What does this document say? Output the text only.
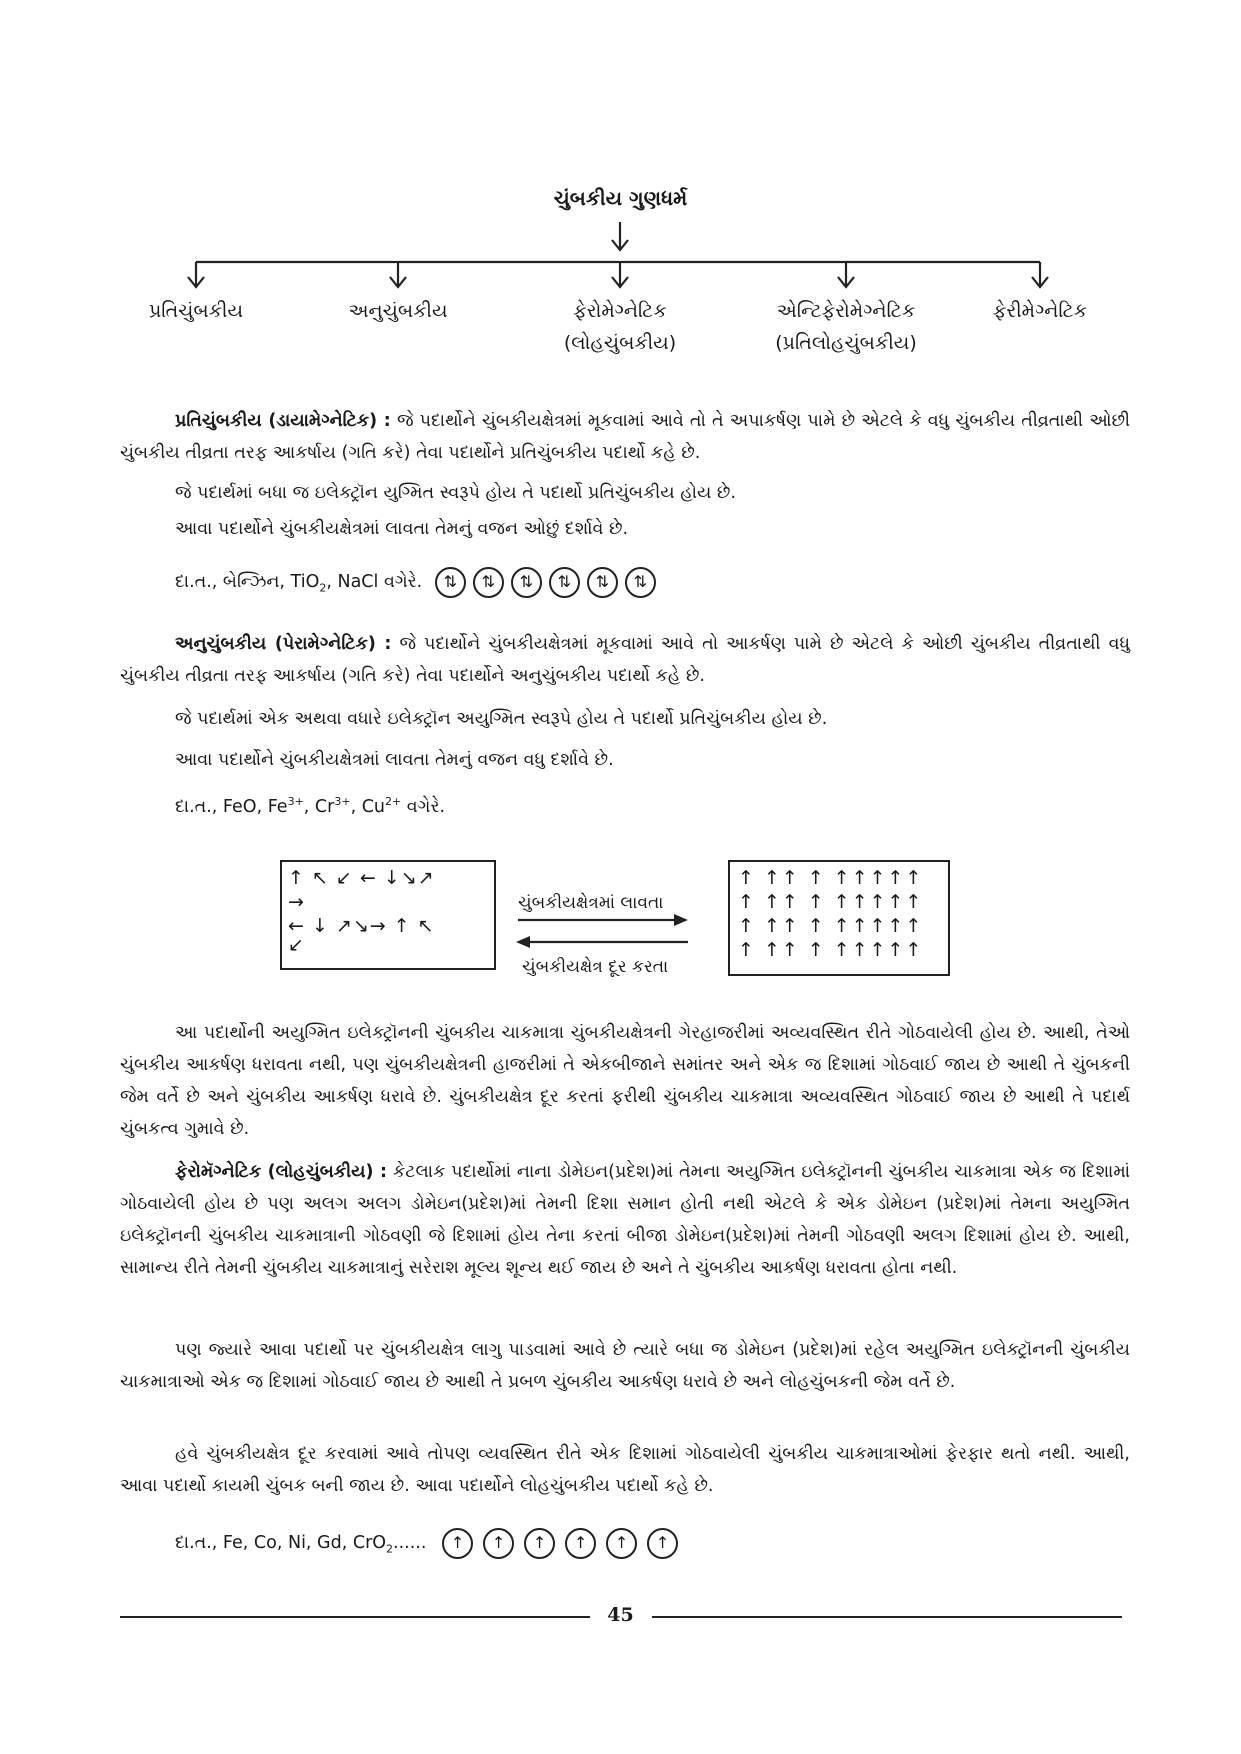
ચુંબકીય ગુણધર્મ
પ્રતિચુંબકીય	અનુચુંબકીય	ફેરોમેગ્નેટિક
(લોહચુંબકીય)
એન્ટિફેરોમેગ્નેટિક
(પ્રતિલોહચુંબકીય)
ફેરીમેગ્નેટિક
પ્રતિચુંબકીય (ડાયામેગ્નેટિક) : જે પદાર્થોને ચુંબકીયક્ષેત્રમાં મૂકવામાં આવે તો તે અપાકર્ષણ પામે છે એટલે કે વધુ ચુંબકીય તીવ્રતાથી ઓછી ચુંબકીય તીવ્રતા તરફ આકર્ષાય (ગતિ કરે) તેવા પદાર્થોને પ્રતિચુંબકીય પદાર્થો કહે છે.
જે પદાર્થમાં બધા જ ઇલેક્ટ્રૉન યુગ્મિત સ્વરૂપે હોય તે પદાર્થો પ્રતિચુંબકીય હોય છે.
આવા પદાર્થોને ચુંબકીયક્ષેત્રમાં લાવતા તેમનું વજન ઓછું દર્શાવે છે.
દા.ત., બેન્ઝિન, TiO$_2$, NaCl વગેરે. ⇅ ⇅ ⇅ ⇅ ⇅ ⇅
અનુચુંબકીય (પેરામેગ્નેટિક) : જે પદાર્થોને ચુંબકીયક્ષેત્રમાં મૂકવામાં આવે તો આકર્ષણ પામે છે એટલે કે ઓછી ચુંબકીય તીવ્રતાથી વધુ ચુંબકીય તીવ્રતા તરફ આકર્ષાય (ગતિ કરે) તેવા પદાર્થોને અનુચુંબકીય પદાર્થો કહે છે.
જે પદાર્થમાં એક અથવા વધારે ઇલેક્ટ્રૉન અયુગ્મિત સ્વરૂપે હોય તે પદાર્થો પ્રતિચુંબકીય હોય છે.
આવા પદાર્થોને ચુંબકીયક્ષેત્રમાં લાવતા તેમનું વજન વધુ દર્શાવે છે.
દા.ત., FeO, $Fe^{3+}$, $Cr^{3+}$, $Cu^{2+}$ વગેરે.
↑ ↖ ↙ ← ↓↘↗
→
← ↓ ↗↘→ ↑ ↖
↙
ચુંબકીયક્ષેત્રમાં લાવતા
ચુંબકીયક્ષેત્ર દૂર કરતા
↑ ↑↑ ↑ ↑↑↑↑↑
↑ ↑↑ ↑ ↑↑↑↑↑
↑ ↑↑ ↑ ↑↑↑↑↑
↑ ↑↑ ↑ ↑↑↑↑↑
આ પદાર્થોની અયુગ્મિત ઇલેક્ટ્રૉનની ચુંબકીય ચાકમાત્રા ચુંબકીયક્ષેત્રની ગેરહાજરીમાં અવ્યવસ્થિત રીતે ગોઠવાયેલી હોય છે. આથી, તેઓ ચુંબકીય આકર્ષણ ધરાવતા નથી, પણ ચુંબકીયક્ષેત્રની હાજરીમાં તે એકબીજાને સમાંતર અને એક જ દિશામાં ગોઠવાઈ જાય છે આથી તે ચુંબકની જેમ વર્તે છે અને ચુંબકીય આકર્ષણ ધરાવે છે. ચુંબકીયક્ષેત્ર દૂર કરતાં ફરીથી ચુંબકીય ચાકમાત્રા અવ્યવસ્થિત ગોઠવાઈ જાય છે આથી તે પદાર્થ ચુંબકત્વ ગુમાવે છે.
ફેરોમૅગ્નેટિક (લોહચુંબકીય) : કેટલાક પદાર્થોમાં નાના ડોમેઇન(પ્રદેશ)માં તેમના અયુગ્મિત ઇલેક્ટ્રૉનની ચુંબકીય ચાકમાત્રા એક જ દિશામાં ગોઠવાયેલી હોય છે પણ અલગ અલગ ડોમેઇન(પ્રદેશ)માં તેમની દિશા સમાન હોતી નથી એટલે કે એક ડોમેઇન (પ્રદેશ)માં તેમના અયુગ્મિત ઇલેક્ટ્રૉનની ચુંબકીય ચાકમાત્રાની ગોઠવણી જે દિશામાં હોય તેના કરતાં બીજા ડોમેઇન(પ્રદેશ)માં તેમની ગોઠવણી અલગ દિશામાં હોય છે. આથી, સામાન્ય રીતે તેમની ચુંબકીય ચાકમાત્રાનું સરેરાશ મૂલ્ય શૂન્ય થઈ જાય છે અને તે ચુંબકીય આકર્ષણ ધરાવતા હોતા નથી.
પણ જ્યારે આવા પદાર્થો પર ચુંબકીયક્ષેત્ર લાગુ પાડવામાં આવે છે ત્યારે બધા જ ડોમેઇન (પ્રદેશ)માં રહેલ અયુગ્મિત ઇલેક્ટ્રૉનની ચુંબકીય ચાકમાત્રાઓ એક જ દિશામાં ગોઠવાઈ જાય છે આથી તે પ્રબળ ચુંબકીય આકર્ષણ ધરાવે છે અને લોહચુંબકની જેમ વર્તે છે.
હવે ચુંબકીયક્ષેત્ર દૂર કરવામાં આવે તોપણ વ્યવસ્થિત રીતે એક દિશામાં ગોઠવાયેલી ચુંબકીય ચાકમાત્રાઓમાં ફેરફાર થતો નથી. આથી, આવા પદાર્થો કાયમી ચુંબક બની જાય છે. આવા પદાર્થોને લોહચુંબકીય પદાર્થો કહે છે.
દા.ત., Fe, Co, Ni, Gd, CrO$_2$...... ↑ ↑ ↑ ↑ ↑ ↑
45
